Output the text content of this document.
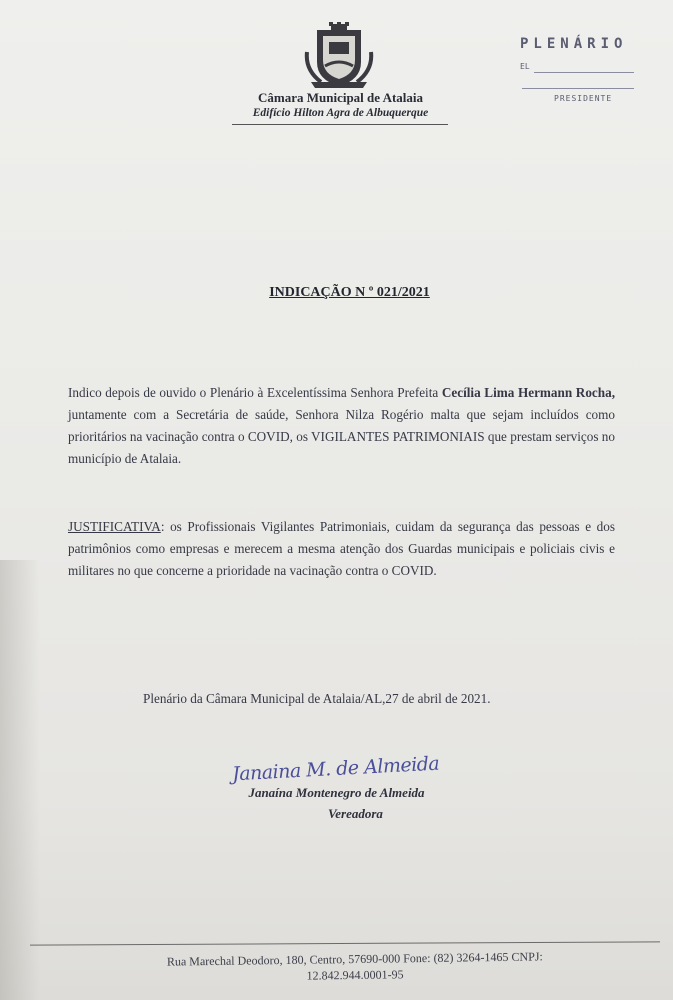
Câmara Municipal de Atalaia
Edifício Hilton Agra de Albuquerque
PLENÁRIO
EL
PRESIDENTE
INDICAÇÃO N º 021/2021

Indico depois de ouvido o Plenário à Excelentíssima Senhora Prefeita Cecília Lima Hermann Rocha, juntamente com a Secretária de saúde, Senhora Nilza Rogério malta que sejam incluídos como prioritários na vacinação contra o COVID, os VIGILANTES PATRIMONIAIS que prestam serviços no município de Atalaia.

JUSTIFICATIVA: os Profissionais Vigilantes Patrimoniais, cuidam da segurança das pessoas e dos patrimônios como empresas e merecem a mesma atenção dos Guardas municipais e policiais civis e militares no que concerne a prioridade na vacinação contra o COVID.

Plenário da Câmara Municipal de Atalaia/AL,27 de abril de 2021.
Janaina M. de Almeida
Janaína Montenegro de Almeida
Vereadora
Rua Marechal Deodoro, 180, Centro, 57690-000 Fone: (82) 3264-1465 CNPJ:
12.842.944.0001-95
